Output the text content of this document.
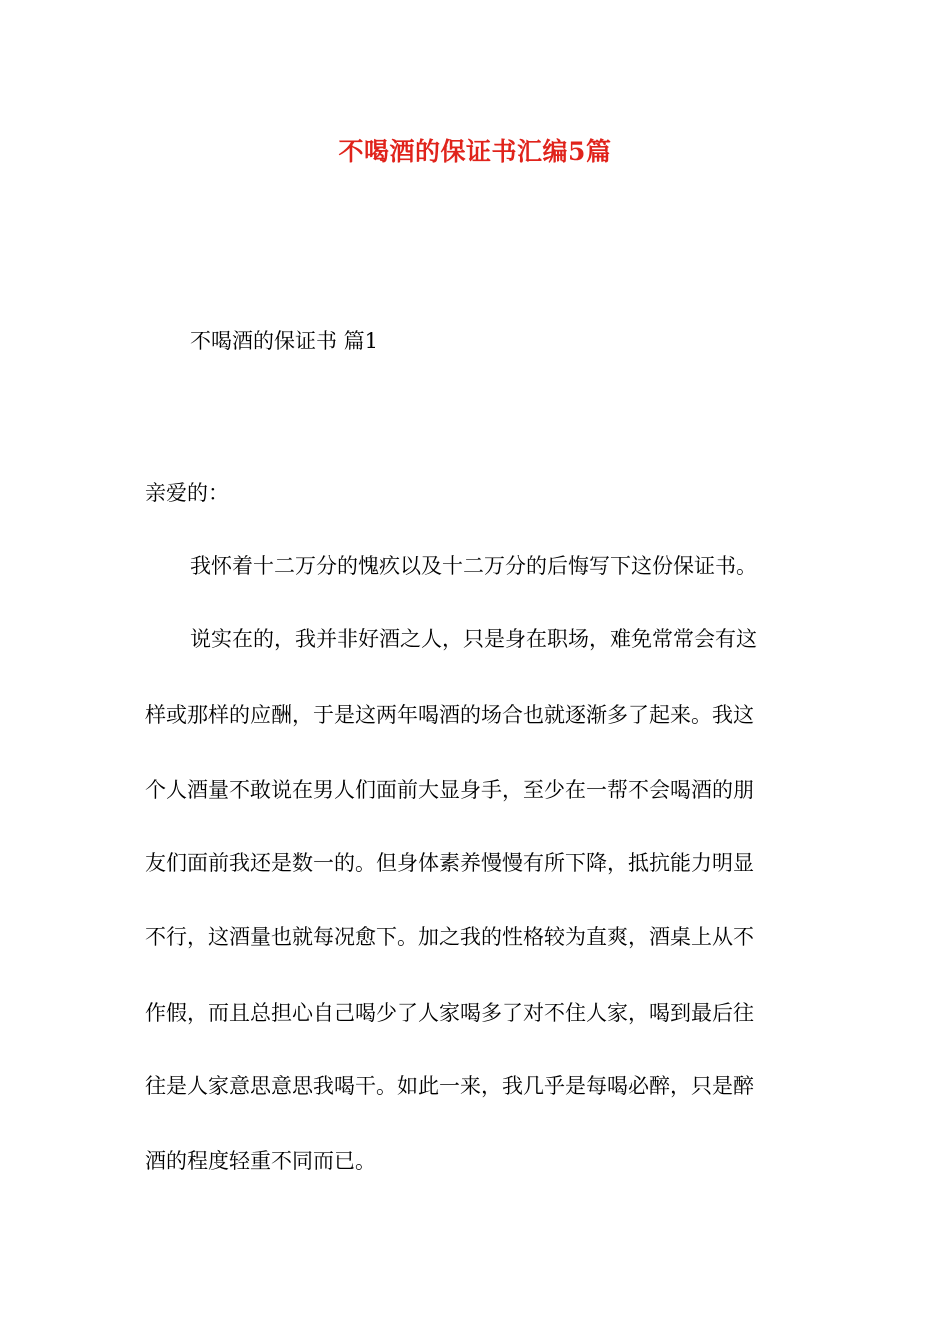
不喝酒的保证书汇编5篇
不喝酒的保证书 篇1
亲爱的：
我怀着十二万分的愧疚以及十二万分的后悔写下这份保证书。
说实在的，我并非好酒之人，只是身在职场，难免常常会有这
样或那样的应酬，于是这两年喝酒的场合也就逐渐多了起来。我这
个人酒量不敢说在男人们面前大显身手，至少在一帮不会喝酒的朋
友们面前我还是数一的。但身体素养慢慢有所下降，抵抗能力明显
不行，这酒量也就每况愈下。加之我的性格较为直爽，酒桌上从不
作假，而且总担心自己喝少了人家喝多了对不住人家，喝到最后往
往是人家意思意思我喝干。如此一来，我几乎是每喝必醉，只是醉
酒的程度轻重不同而已。
